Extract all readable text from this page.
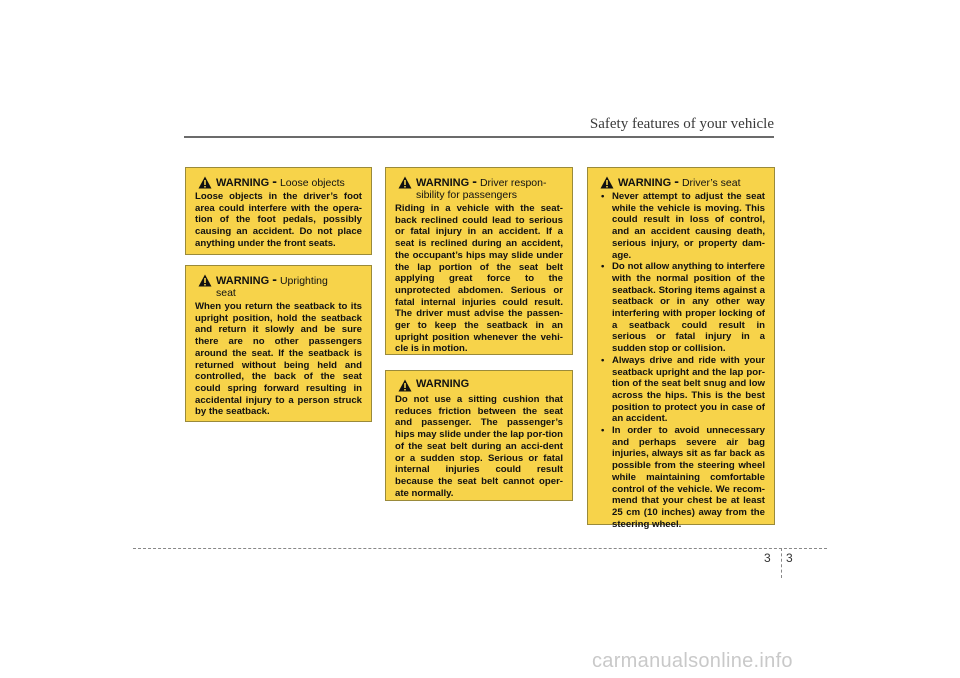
Safety features of your vehicle
WARNING - Loose objects
Loose objects in the driver’s foot area could interfere with the opera-tion of the foot pedals, possibly causing an accident. Do not place anything under the front seats.
WARNING - Uprighting seat
When you return the seatback to its upright position, hold the seatback and return it slowly and be sure there are no other passengers around the seat. If the seatback is returned without being held and controlled, the back of the seat could spring forward resulting in accidental injury to a person struck by the seatback.
WARNING - Driver respon-sibility for passengers
Riding in a vehicle with the seat-back reclined could lead to serious or fatal injury in an accident. If a seat is reclined during an accident, the occupant’s hips may slide under the lap portion of the seat belt applying great force to the unprotected abdomen. Serious or fatal internal injuries could result. The driver must advise the passen-ger to keep the seatback in an upright position whenever the vehi-cle is in motion.
WARNING
Do not use a sitting cushion that reduces friction between the seat and passenger. The passenger’s hips may slide under the lap por-tion of the seat belt during an acci-dent or a sudden stop. Serious or fatal internal injuries could result because the seat belt cannot oper-ate normally.
WARNING - Driver’s seat
• Never attempt to adjust the seat while the vehicle is moving. This could result in loss of control, and an accident causing death, serious injury, or property dam-age.
• Do not allow anything to interfere with the normal position of the seatback. Storing items against a seatback or in any other way interfering with proper locking of a seatback could result in serious or fatal injury in a sudden stop or collision.
• Always drive and ride with your seatback upright and the lap por-tion of the seat belt snug and low across the hips. This is the best position to protect you in case of an accident.
• In order to avoid unnecessary and perhaps severe air bag injuries, always sit as far back as possible from the steering wheel while maintaining comfortable control of the vehicle. We recom-mend that your chest be at least 25 cm (10 inches) away from the steering wheel.
3 3
carmanualsonline.info
